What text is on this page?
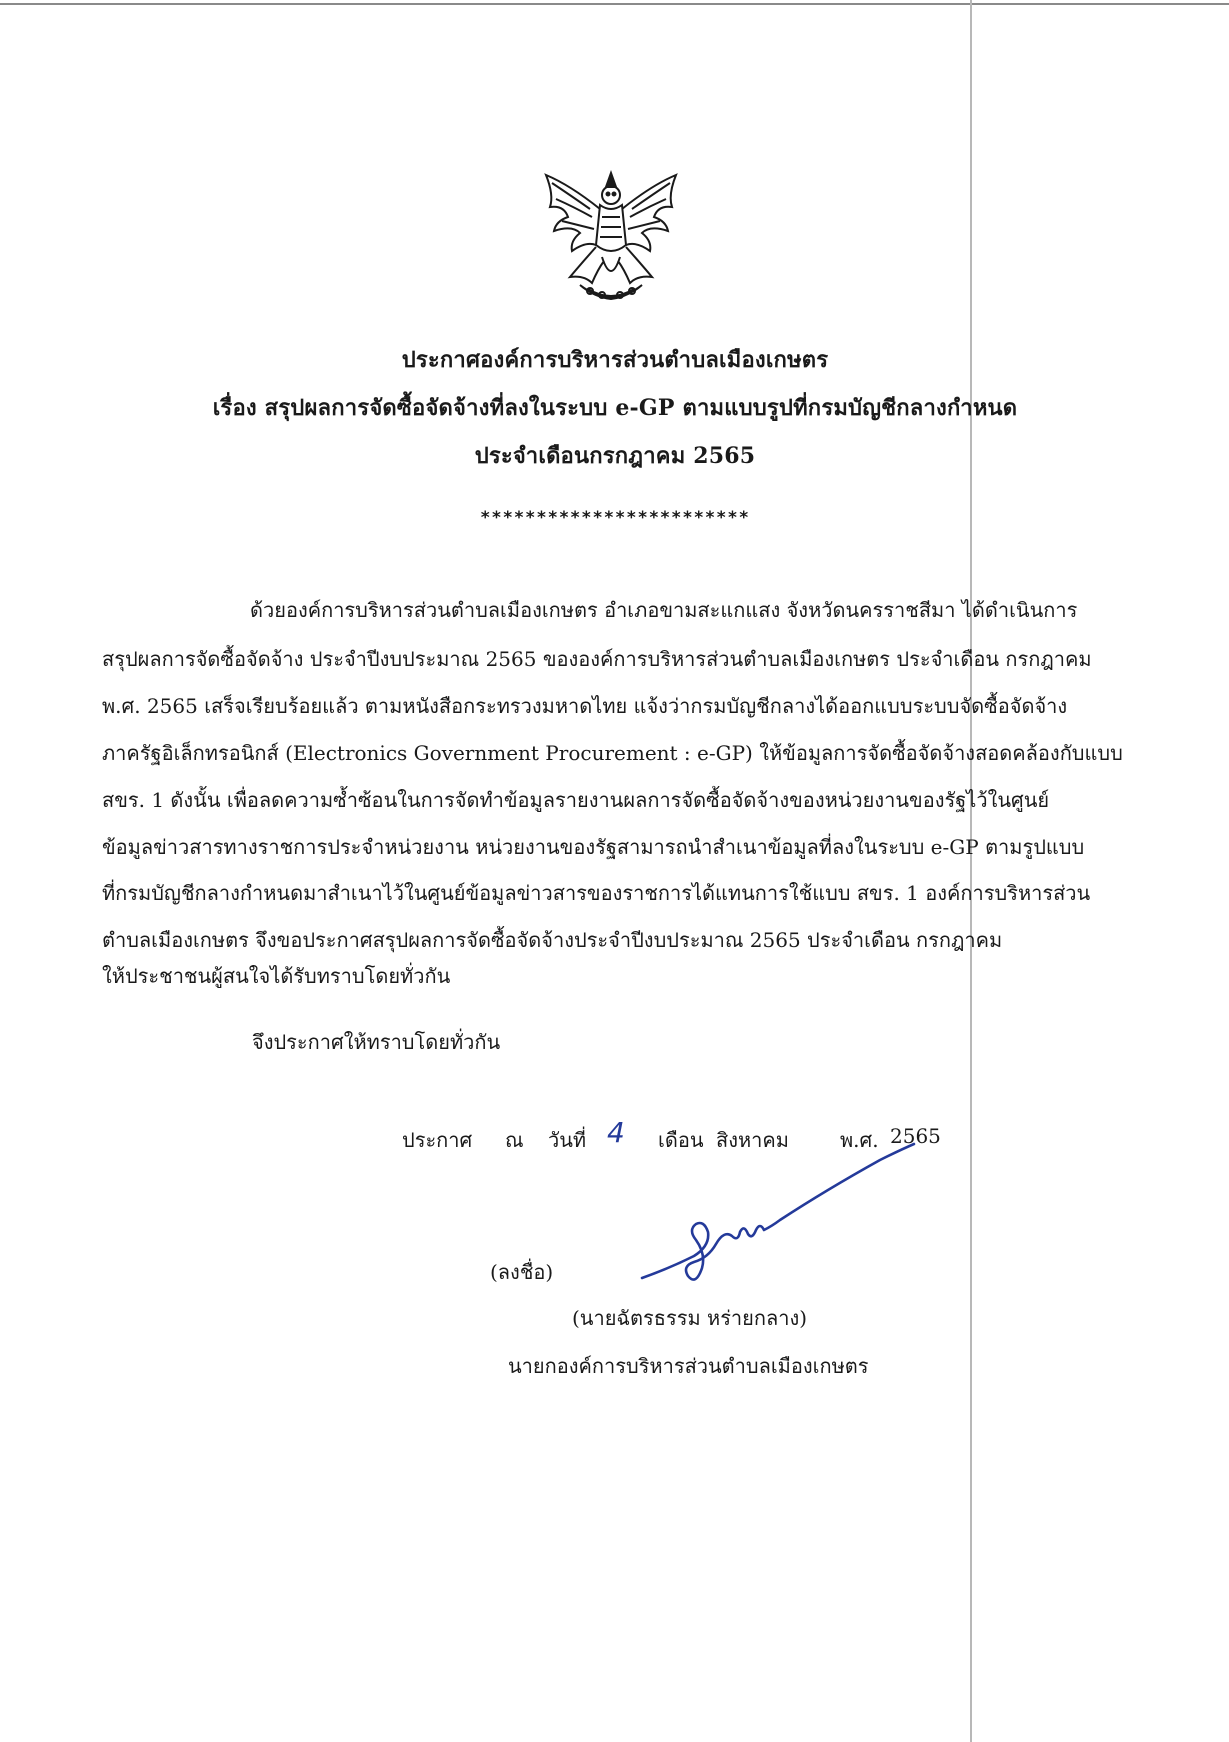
ประกาศองค์การบริหารส่วนตำบลเมืองเกษตร
เรื่อง สรุปผลการจัดซื้อจัดจ้างที่ลงในระบบ e-GP ตามแบบรูปที่กรมบัญชีกลางกำหนด
ประจำเดือนกรกฎาคม 2565
************************
ด้วยองค์การบริหารส่วนตำบลเมืองเกษตร อำเภอขามสะแกแสง จังหวัดนครราชสีมา ได้ดำเนินการ
สรุปผลการจัดซื้อจัดจ้าง ประจำปีงบประมาณ 2565 ขององค์การบริหารส่วนตำบลเมืองเกษตร ประจำเดือน กรกฎาคม
พ.ศ. 2565 เสร็จเรียบร้อยแล้ว ตามหนังสือกระทรวงมหาดไทย แจ้งว่ากรมบัญชีกลางได้ออกแบบระบบจัดซื้อจัดจ้าง
ภาครัฐอิเล็กทรอนิกส์ (Electronics Government Procurement : e-GP) ให้ข้อมูลการจัดซื้อจัดจ้างสอดคล้องกับแบบ
สขร. 1 ดังนั้น เพื่อลดความซ้ำซ้อนในการจัดทำข้อมูลรายงานผลการจัดซื้อจัดจ้างของหน่วยงานของรัฐไว้ในศูนย์
ข้อมูลข่าวสารทางราชการประจำหน่วยงาน หน่วยงานของรัฐสามารถนำสำเนาข้อมูลที่ลงในระบบ e-GP ตามรูปแบบ
ที่กรมบัญชีกลางกำหนดมาสำเนาไว้ในศูนย์ข้อมูลข่าวสารของราชการได้แทนการใช้แบบ สขร. 1 องค์การบริหารส่วน
ตำบลเมืองเกษตร จึงขอประกาศสรุปผลการจัดซื้อจัดจ้างประจำปีงบประมาณ 2565 ประจำเดือน กรกฎาคม
ให้ประชาชนผู้สนใจได้รับทราบโดยทั่วกัน
จึงประกาศให้ทราบโดยทั่วกัน
ประกาศ ณ วันที่ 4 เดือน สิงหาคม	พ.ศ. 2565
(ลงชื่อ)
(นายฉัตรธรรม หร่ายกลาง)
นายกองค์การบริหารส่วนตำบลเมืองเกษตร
